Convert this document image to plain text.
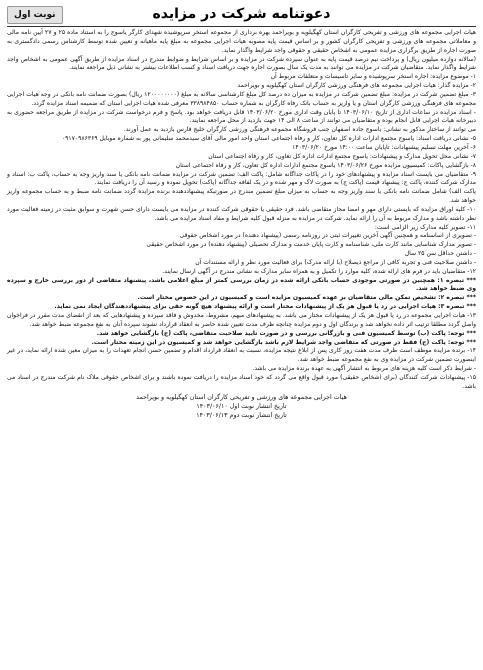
نوبت اول	دعوتنامه شرکت در مزایده

هیات اجرایی مجموعه های ورزشی و تفریحی کارگران استان کهگیلویه و بویراحمد بهره برداری از مجموعه استخر سرپوشیده شهدای کارگر یاسوج را به استناد ماده ۲۵ و ۲۷ آیین نامه مالی و معاملاتی مجموعه های ورزشی و تفریحی کارگران کشور و بر اساس قیمت پایه مصوبه هیات اجرایی مجموعه به مبلغ پایه ماهیانه و تعیین شده توسط کارشناس رسمی دادگستری به صورت اجاره از طریق برگزاری مزایده عمومی به اشخاص حقیقی و حقوقی واجد شرایط واگذار نماید.

(سالانه دوازده میلیون ریال) و پرداخت نیم درصد قیمت پایه به عنوان سپرده شرکت در مزایده و بر اساس شرایط و ضوابط مندرج در اسناد مزایده از طریق آگهی عمومی به اشخاص واجد شرایط واگذار نماید. متقاضیان شرکت در مزایده می توانند به مدت یک سال بصورت اجاره جهت دریافت اسناد و کسب اطلاعات بیشتر به نشانی ذیل مراجعه نمایند.

۱- موضوع مزایده: اجاره استخر سرپوشیده و سایر تاسیسات و متعلقات مربوط آن

۲- مزایده گذار: هیات اجرایی مجموعه های فرهنگی ورزشی کارگران استان کهگیلویه و بویراحمد

۳- مبلغ تضمین شرکت در مزایده: مبلغ تضمین شرکت در مزایده به میزان ده درصد کل مبلغ کارشناسی سالانه به مبلغ (۱۲۰۰۰۰۰۰۰۰ ریال) بصورت ضمانت نامه بانکی در وجه هیات اجرایی مجموعه های فرهنگی ورزشی کارگران استان و یا واریز به حساب بانک رفاه کارگران به شماره حساب ۳۳۸۹۸۴۸۵۰ معرفی شده هیات اجرایی استان که ضمیمه اسناد مزایده گردد.

- اسناد مزایده در ساعات اداری از تاریخ ۱۴۰۳/۰۶/۱۰ تا پایان وقت اداری مورخ ۱۴۰۳/۰۶/۲۰ قابل دریافت خواهد بود. پاسخ و فرم درخواست شرکت در مزایده از طریق مراجعه حضوری به دبیرخانه هیات اجرایی قابل انجام بوده و متقاضیان می توانند از ساعت ۸ الی ۱۴ جهت بازدید از محل مراجعه نمایند.

می توانند از ساختار مذکور به نشانی: یاسوج جاده اصفهان جنب فروشگاه مجموعه فرهنگی ورزشی کارگران خلیج فارس بازدید به عمل آورند.

۵- نشانی دریافت اسناد: یاسوج مجتمع ادارات اداره کل تعاون، کار و رفاه اجتماعی استان واحد امور مالی آقای سیدمحمد سلیمانی پور به شماره موبایل ۰۹۱۷۰۹۸۶۳۶۹

۶- آخرین مهلت تسلیم پیشنهادات: تاپایان ساعت ۱۴:۰۰ مورخ ۱۴۰۳/۰۶/۲۰

۷- نشانی محل تحویل مدارک و پیشنهادات: یاسوج مجتمع ادارات اداره کل تعاون، کار و رفاه اجتماعی استان

۸- بازگشایی پاکات: کمیسیون مزایده مورخ ۱۴۰۳/۰۶/۲۶ یاسوج مجتمع ادارات اداره کل تعاون، کار و رفاه اجتماعی استان

۹- متقاضیان می بایست اسناد مزایده و پیشنهادهای خود را در پاکات جداگانه شامل: پاکت الف: تضمین شرکت در مزایده ضمانت نامه بانکی یا سند واریز وجه به حساب، پاکت ب: اسناد و مدارک شرکت کننده، پاکت ج: پیشنهاد قیمت (پاکت ج) به صورت لاک و مهر شده و در یک لفافه جداگانه (پاکت) تحویل نموده و رسید آن را دریافت نمایند.

پاکت الف) شامل ضمانت نامه بانکی یا سند واریز وجه به حساب به میزان مبلغ تضمین مندرج در صورتیکه پیشنهاددهنده برنده مزایده گردد ضمانت نامه ضبط و به حساب مجموعه واریز خواهد شد.

۱۰- کلیه اوراق مزایده که بایستی دارای مهر و امضا مجاز متقاضی باشد. فرد حقیقی یا حقوقی شرکت کننده در مزایده می بایست دارای حسن شهرت و سوابق مثبت در زمینه فعالیت مورد نظر داشته باشد و مدارک مربوط به آن را ارائه نماید. شرکت در مزایده به منزله قبول کلیه شرایط و مفاد اسناد مزایده می باشد.

۱۱- تصویر کلیه مدارک زیر الزامی است:

- تصویری از اساسنامه و همچنین آگهی آخرین تغییرات ثبتی در روزنامه رسمی (پیشنهاد دهنده) در مورد اشخاص حقوقی

- تصویر مدارک شناسایی مانند کارت ملی، شناسنامه و کارت پایان خدمت و مدارک تحصیلی (پیشنهاد دهنده) در مورد اشخاص حقیقی

- داشتن حداقل سن ۲۵ سال

- داشتن صلاحیت فنی و تجربه کافی از مراجع ذیصلاح (با ارائه مدرک) برای فعالیت مورد نظر و ارائه مستندات آن

۱۲- متقاضیان باید در فرم های ارائه شده، کلیه موارد را تکمیل و به همراه سایر مدارک به نشانی مندرج در آگهی ارسال نمایند.

*** تبصره ۱: همچنین در صورتی موجودی حساب بانکی ارائه شده در زمان بررسی کمتر از مبلغ اعلامی باشد، پیشنهاد متقاضی از دور بررسی خارج و سپرده وی ضبط خواهد شد.

*** تبصره ۲: تشخیص تمکن مالی متقاضیان بر عهده کمیسیون مزایده است و کمیسیون در این خصوص مختار است.

*** تبصره ۳: هیات اجرایی در رد یا قبول هر یک از پیشنهادات مختار است و ارائه پیشنهاد هیچ گونه حقی برای پیشنهاددهندگان ایجاد نمی نماید.

۱۳- هیات اجرایی مجموعه در رد یا قبول هر یک از پیشنهادات مختار می باشد. به پیشنهادهای مبهم، مشروط، مخدوش و فاقد سپرده و پیشنهادهایی که بعد از انقضای مدت مقرر در فراخوان واصل گردد مطلقا ترتیب اثر داده نخواهد شد و برندگان اول و دوم مزایده چنانچه ظرف مدت تعیین شده حاضر به انعقاد قرارداد نشوند سپرده آنان به نفع مجموعه ضبط خواهد شد.

*** توجه: پاکت (ب) توسط کمیسیون فنی و بازرگانی بررسی و در صورت تایید صلاحیت متقاضی، پاکت (ج) بازگشایی خواهد شد.

*** توجه: پاکت (ج) فقط در صورتی که متقاضی واجد شرایط لازم باشد بازگشایی خواهد شد و کمیسیون در این زمینه مختار است.

۱۴- برنده مزایده موظف است ظرف مدت هفت روز کاری پس از ابلاغ نتیجه مزایده، نسبت به انعقاد قرارداد اقدام و تضمین حسن انجام تعهدات را به میزان معین شده ارائه نماید، در غیر اینصورت تضمین شرکت در مزایده وی به نفع مجموعه ضبط خواهد شد.

- شرایط ذکر است کلیه هزینه های مربوط به انتشار آگهی به عهده برنده مزایده می باشد.

۱۵- پیشنهادات شرکت کنندگان (برای اشخاص حقیقی) مورد قبول واقع می گردد که خود اسناد مزایده را دریافت نموده باشند و برای اشخاص حقوقی ملاک نام شرکت مندرج در اسناد می باشد.

هیات اجرایی مجموعه های ورزشی و تفریحی کارگران استان کهگیلویه و بویراحمد

تاریخ انتشار نوبت اول ۱۴۰۳/۰۶/۱۰

تاریخ انتشار نوبت دوم ۱۴۰۳/۰۶/۱۳
